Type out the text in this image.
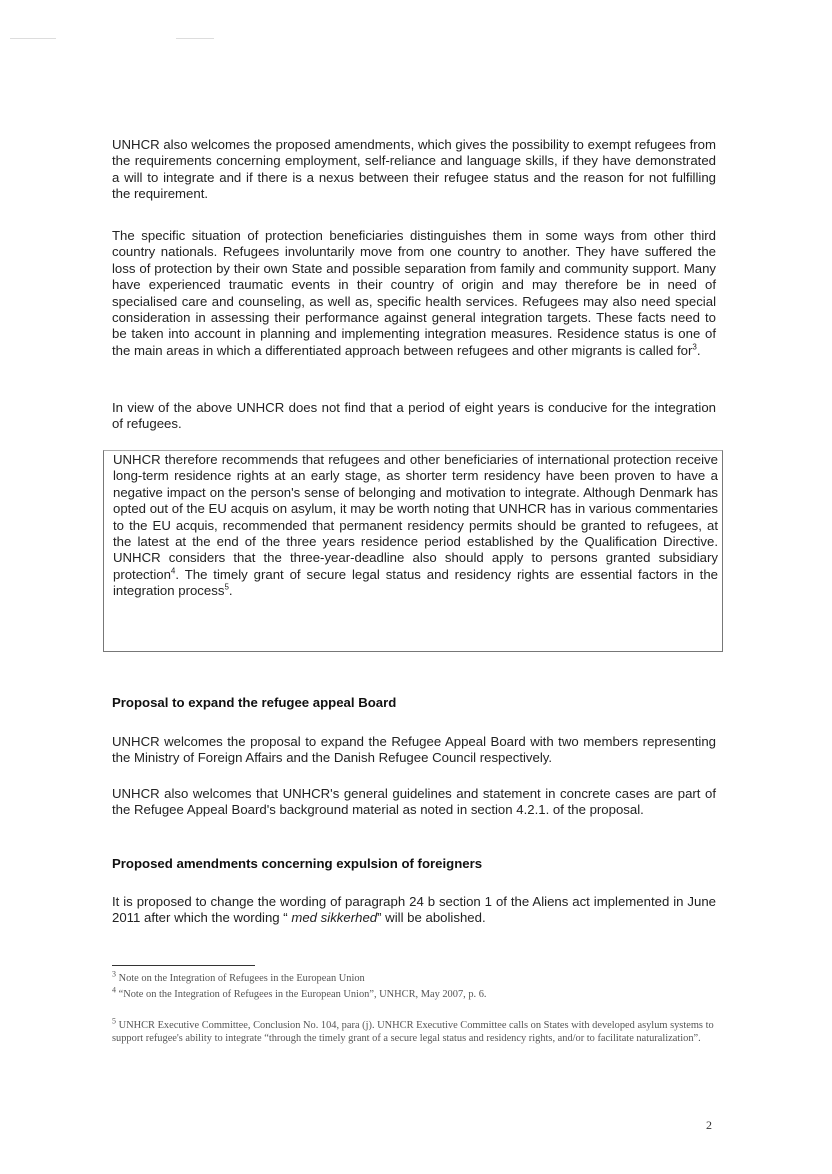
UNHCR also welcomes the proposed amendments, which gives the possibility to exempt refugees from the requirements concerning employment, self-reliance and language skills, if they have demonstrated a will to integrate and if there is a nexus between their refugee status and the reason for not fulfilling the requirement.

The specific situation of protection beneficiaries distinguishes them in some ways from other third country nationals. Refugees involuntarily move from one country to another. They have suffered the loss of protection by their own State and possible separation from family and community support. Many have experienced traumatic events in their country of origin and may therefore be in need of specialised care and counseling, as well as, specific health services. Refugees may also need special consideration in assessing their performance against general integration targets. These facts need to be taken into account in planning and implementing integration measures. Residence status is one of the main areas in which a differentiated approach between refugees and other migrants is called for$^3$.

In view of the above UNHCR does not find that a period of eight years is conducive for the integration of refugees.

UNHCR therefore recommends that refugees and other beneficiaries of international protection receive long-term residence rights at an early stage, as shorter term residency have been proven to have a negative impact on the person's sense of belonging and motivation to integrate. Although Denmark has opted out of the EU acquis on asylum, it may be worth noting that UNHCR has in various commentaries to the EU acquis, recommended that permanent residency permits should be granted to refugees, at the latest at the end of the three years residence period established by the Qualification Directive. UNHCR considers that the three-year-deadline also should apply to persons granted subsidiary protection$^4$. The timely grant of secure legal status and residency rights are essential factors in the integration process$^5$.
Proposal to expand the refugee appeal Board

UNHCR welcomes the proposal to expand the Refugee Appeal Board with two members representing the Ministry of Foreign Affairs and the Danish Refugee Council respectively.

UNHCR also welcomes that UNHCR's general guidelines and statement in concrete cases are part of the Refugee Appeal Board's background material as noted in section 4.2.1. of the proposal.

Proposed amendments concerning expulsion of foreigners

It is proposed to change the wording of paragraph 24 b section 1 of the Aliens act implemented in June 2011 after which the wording “ med sikkerhed” will be abolished.

$^3$ Note on the Integration of Refugees in the European Union

$^4$ “Note on the Integration of Refugees in the European Union”, UNHCR, May 2007, p. 6.

$^5$ UNHCR Executive Committee, Conclusion No. 104, para (j). UNHCR Executive Committee calls on States with developed asylum systems to support refugee's ability to integrate “through the timely grant of a secure legal status and residency rights, and/or to facilitate naturalization”.

2
